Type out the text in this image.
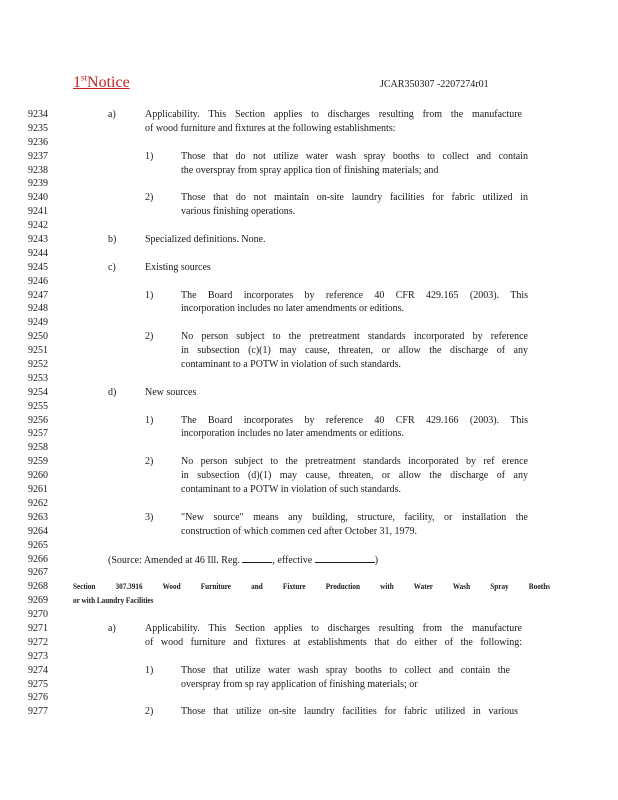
1stNotice	JCAR350307 -2207274r01
9234	a)	Applicability. This Section applies to discharges resulting from the manufacture
9235	of wood furniture and fixtures at the following establishments:
9236
9237	1)	Those that do not utilize water wash spray booths to collect and contain
9238	the overspray from spray applica tion of finishing materials; and
9239
9240	2)	Those that do not maintain on-site laundry facilities for fabric utilized in
9241	various finishing operations.
9242
9243	b)	Specialized definitions. None.
9244
9245	c)	Existing sources
9246
9247	1)	The Board incorporates by reference 40 CFR 429.165 (2003). This
9248	incorporation includes no later amendments or editions.
9249
9250	2)	No person subject to the pretreatment standards incorporated by reference
9251	in subsection (c)(1) may cause, threaten, or allow the discharge of any
9252	contaminant to a POTW in violation of such standards.
9253
9254	d)	New sources
9255
9256	1)	The Board incorporates by reference 40 CFR 429.166 (2003). This
9257	incorporation includes no later amendments or editions.
9258
9259	2)	No person subject to the pretreatment standards incorporated by ref erence
9260	in subsection (d)(1) may cause, threaten, or allow the discharge of any
9261	contaminant to a POTW in violation of such standards.
9262
9263	3)	"New source" means any building, structure, facility, or installation the
9264	construction of which commen ced after October 31, 1979.
9265
9266	(Source: Amended at 46 Ill. Reg.	, effective	)
9267
9268	Section 307.3916 Wood Furniture and Fixture Production with Water Wash Spray Booths
9269	or with Laundry Facilities
9270
9271	a)	Applicability. This Section applies to discharges resulting from the manufacture
9272	of wood furniture and fixtures at establishments that do either of the following:
9273
9274	1)	Those that utilize water wash spray booths to collect and contain the
9275	overspray from sp ray application of finishing materials; or
9276
9277	2)	Those that utilize on-site laundry facilities for fabric utilized in various
